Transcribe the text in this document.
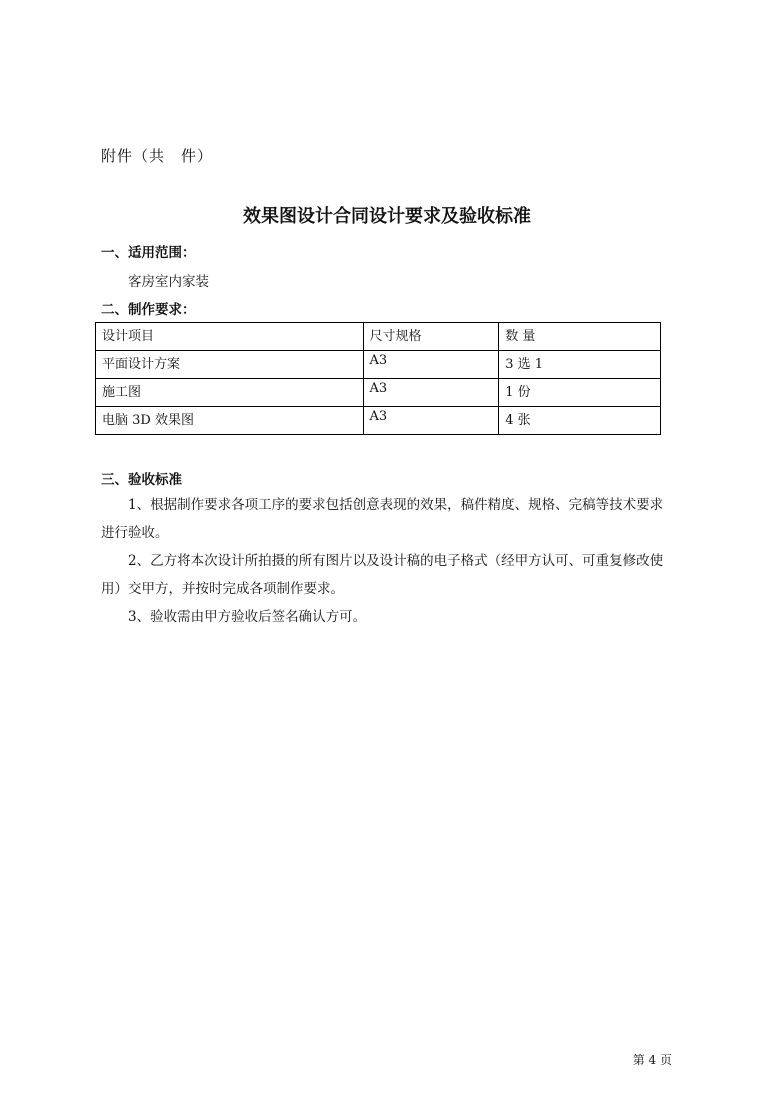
附件（共　件）
效果图设计合同设计要求及验收标准
一、适用范围：
客房室内家装
二、制作要求：
设计项目	尺寸规格	数 量
平面设计方案	A3	3 选 1
施工图	A3	1 份
电脑 3D 效果图	A3	4 张
三、验收标准
1、根据制作要求各项工序的要求包括创意表现的效果，稿件精度、规格、完稿等技术要求进行验收。
2、乙方将本次设计所拍摄的所有图片以及设计稿的电子格式（经甲方认可、可重复修改使用）交甲方，并按时完成各项制作要求。
3、验收需由甲方验收后签名确认方可。
第 4 页
